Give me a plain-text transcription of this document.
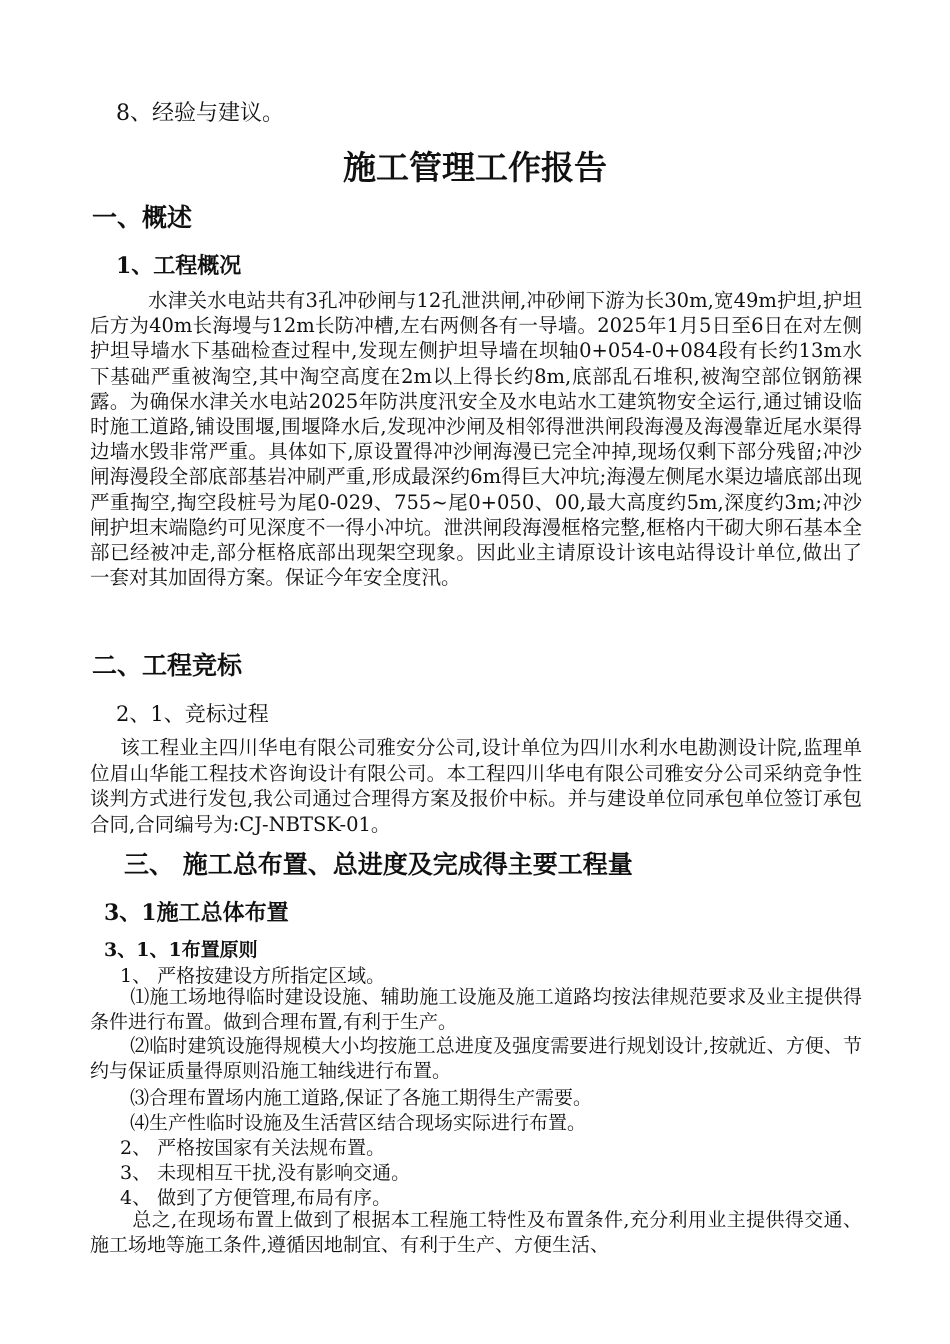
8、经验与建议。
施工管理工作报告
一、概述
1、工程概况
水津关水电站共有3孔冲砂闸与12孔泄洪闸,冲砂闸下游为长30m,宽49m护坦,护坦后方为40m长海墁与12m长防冲槽,左右两侧各有一导墙。2025年1月5日至6日在对左侧护坦导墙水下基础检查过程中,发现左侧护坦导墙在坝轴0+054-0+084段有长约13m水下基础严重被淘空,其中淘空高度在2m以上得长约8m,底部乱石堆积,被淘空部位钢筋裸露。为确保水津关水电站2025年防洪度汛安全及水电站水工建筑物安全运行,通过铺设临时施工道路,铺设围堰,围堰降水后,发现冲沙闸及相邻得泄洪闸段海漫及海漫靠近尾水渠得边墙水毁非常严重。具体如下,原设置得冲沙闸海漫已完全冲掉,现场仅剩下部分残留;冲沙闸海漫段全部底部基岩冲刷严重,形成最深约6m得巨大冲坑;海漫左侧尾水渠边墙底部出现严重掏空,掏空段桩号为尾0-029、755~尾0+050、00,最大高度约5m,深度约3m;冲沙闸护坦末端隐约可见深度不一得小冲坑。泄洪闸段海漫框格完整,框格内干砌大卵石基本全部已经被冲走,部分框格底部出现架空现象。因此业主请原设计该电站得设计单位,做出了一套对其加固得方案。保证今年安全度汛。
二、工程竞标
2、1、竞标过程
该工程业主四川华电有限公司雅安分公司,设计单位为四川水利水电勘测设计院,监理单位眉山华能工程技术咨询设计有限公司。本工程四川华电有限公司雅安分公司采纳竞争性谈判方式进行发包,我公司通过合理得方案及报价中标。并与建设单位同承包单位签订承包合同,合同编号为:CJ-NBTSK-01。
三、 施工总布置、总进度及完成得主要工程量
3、1施工总体布置
3、1、1布置原则
1、 严格按建设方所指定区域。
⑴施工场地得临时建设设施、辅助施工设施及施工道路均按法律规范要求及业主提供得条件进行布置。做到合理布置,有利于生产。
⑵临时建筑设施得规模大小均按施工总进度及强度需要进行规划设计,按就近、方便、节约与保证质量得原则沿施工轴线进行布置。
⑶合理布置场内施工道路,保证了各施工期得生产需要。
⑷生产性临时设施及生活营区结合现场实际进行布置。
2、 严格按国家有关法规布置。
3、 未现相互干扰,没有影响交通。
4、 做到了方便管理,布局有序。
总之,在现场布置上做到了根据本工程施工特性及布置条件,充分利用业主提供得交通、施工场地等施工条件,遵循因地制宜、有利于生产、方便生活、
